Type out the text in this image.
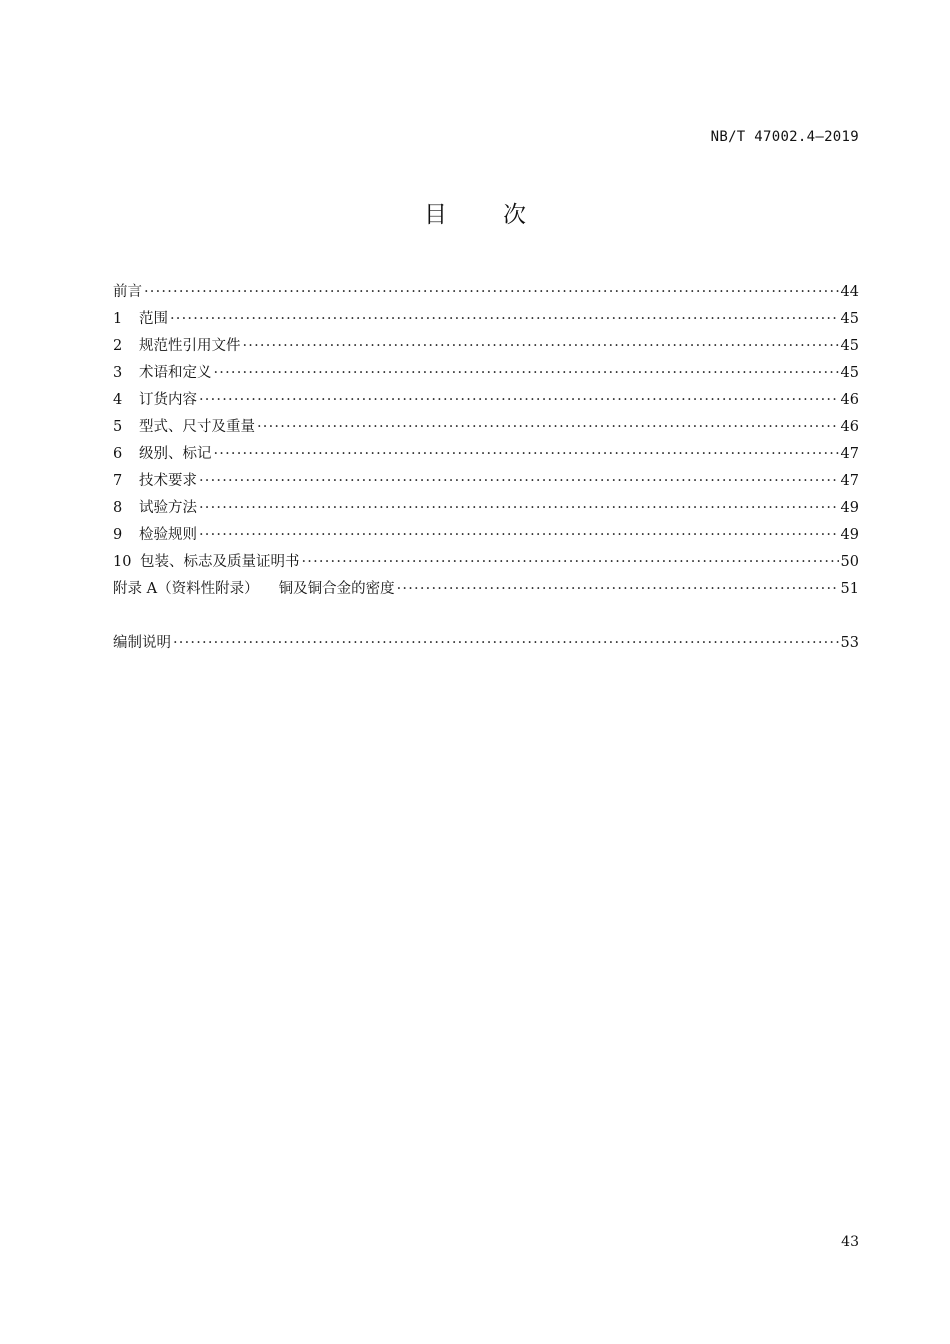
NB/T 47002.4—2019
目 次
前言 ·····	44
1	范围 ·····	45
2	规范性引用文件 ·····	45
3	术语和定义 ·····	45
4	订货内容 ·····	46
5	型式、尺寸及重量 ·····	46
6	级别、标记 ·····	47
7	技术要求 ·····	47
8	试验方法 ·····	49
9	检验规则 ·····	49
10 包装、标志及质量证明书 ·····	50
附录 A（资料性附录） 铜及铜合金的密度 ·····	51
编制说明 ·····	53
43
